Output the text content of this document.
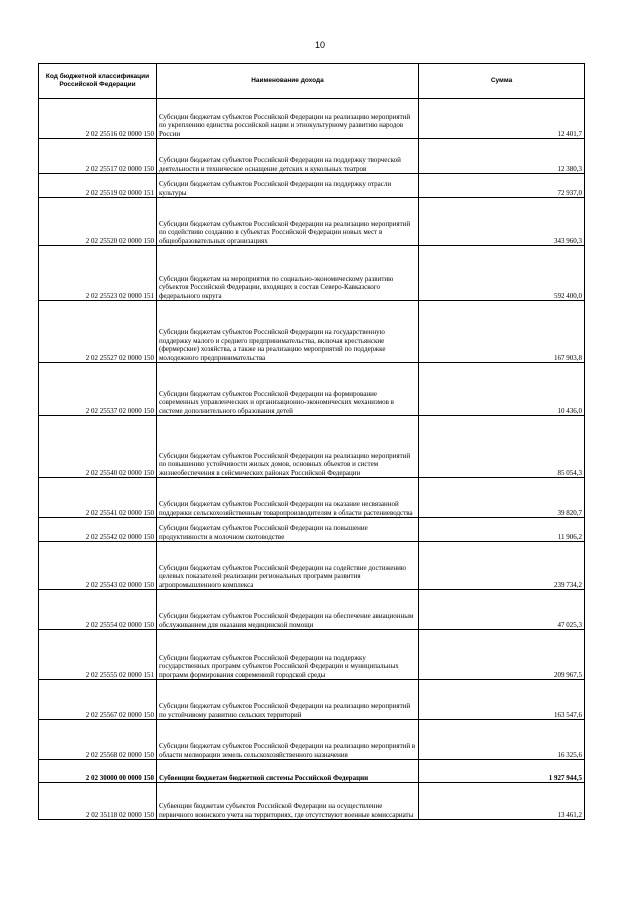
10
Код бюджетной классификации Российской Федерации	Наименование дохода	Сумма
2 02 25516 02 0000 150	Субсидии бюджетам субъектов Российской Федерации на реализацию мероприятий по укреплению единства российской нации и этнокультурному развитию народов России	12 401,7
2 02 25517 02 0000 150	Субсидии бюджетам субъектов Российской Федерации на поддержку творческой деятельности и техническое оснащение детских и кукольных театров	12 380,3
2 02 25519 02 0000 151	Субсидии бюджетам субъектов Российской Федерации на поддержку отрасли культуры	72 937,0
2 02 25520 02 0000 150	Субсидии бюджетам субъектов Российской Федерации на реализацию мероприятий по содействию созданию в субъектах Российской Федерации новых мест в общеобразовательных организациях	343 960,3
2 02 25523 02 0000 151	Субсидии бюджетам на мероприятия по социально-экономическому развитию субъектов Российской Федерации, входящих в состав Северо-Кавказского федерального округа	592 400,0
2 02 25527 02 0000 150	Субсидии бюджетам субъектов Российской Федерации на государственную поддержку малого и среднего предпринимательства, включая крестьянские (фермерские) хозяйства, а также на реализацию мероприятий по поддержке молодежного предпринимательства	167 903,8
2 02 25537 02 0000 150	Субсидии бюджетам субъектов Российской Федерации на формирование современных управленческих и организационно-экономических механизмов в системе дополнительного образования детей	10 436,0
2 02 25540 02 0000 150	Субсидии бюджетам субъектов Российской Федерации на реализацию мероприятий по повышению устойчивости жилых домов, основных объектов и систем жизнеобеспечения в сейсмических районах Российской Федерации	85 054,3
2 02 25541 02 0000 150	Субсидии бюджетам субъектов Российской Федерации на оказание несвязанной поддержки сельскохозяйственным товаропроизводителям в области растениеводства	39 820,7
2 02 25542 02 0000 150	Субсидии бюджетам субъектов Российской Федерации на повышение продуктивности в молочном скотоводстве	11 906,2
2 02 25543 02 0000 150	Субсидии бюджетам субъектов Российской Федерации на содействие достижению целевых показателей реализации региональных программ развития агропромышленного комплекса	239 734,2
2 02 25554 02 0000 150	Субсидии бюджетам субъектов Российской Федерации на обеспечение авиационным обслуживанием для оказания медицинской помощи	47 025,3
2 02 25555 02 0000 151	Субсидии бюджетам субъектов Российской Федерации на поддержку государственных программ субъектов Российской Федерации и муниципальных программ формирования современной городской среды	209 967,5
2 02 25567 02 0000 150	Субсидии бюджетам субъектов Российской Федерации на реализацию мероприятий по устойчивому развитию сельских территорий	163 547,6
2 02 25568 02 0000 150	Субсидии бюджетам субъектов Российской Федерации на реализацию мероприятий в области мелиорации земель сельскохозяйственного назначения	16 325,6
2 02 30000 00 0000 150	Субвенции бюджетам бюджетной системы Российской Федерации	1 927 944,5
2 02 35118 02 0000 150	Субвенции бюджетам субъектов Российской Федерации на осуществление первичного воинского учета на территориях, где отсутствуют военные комиссариаты	13 461,2
